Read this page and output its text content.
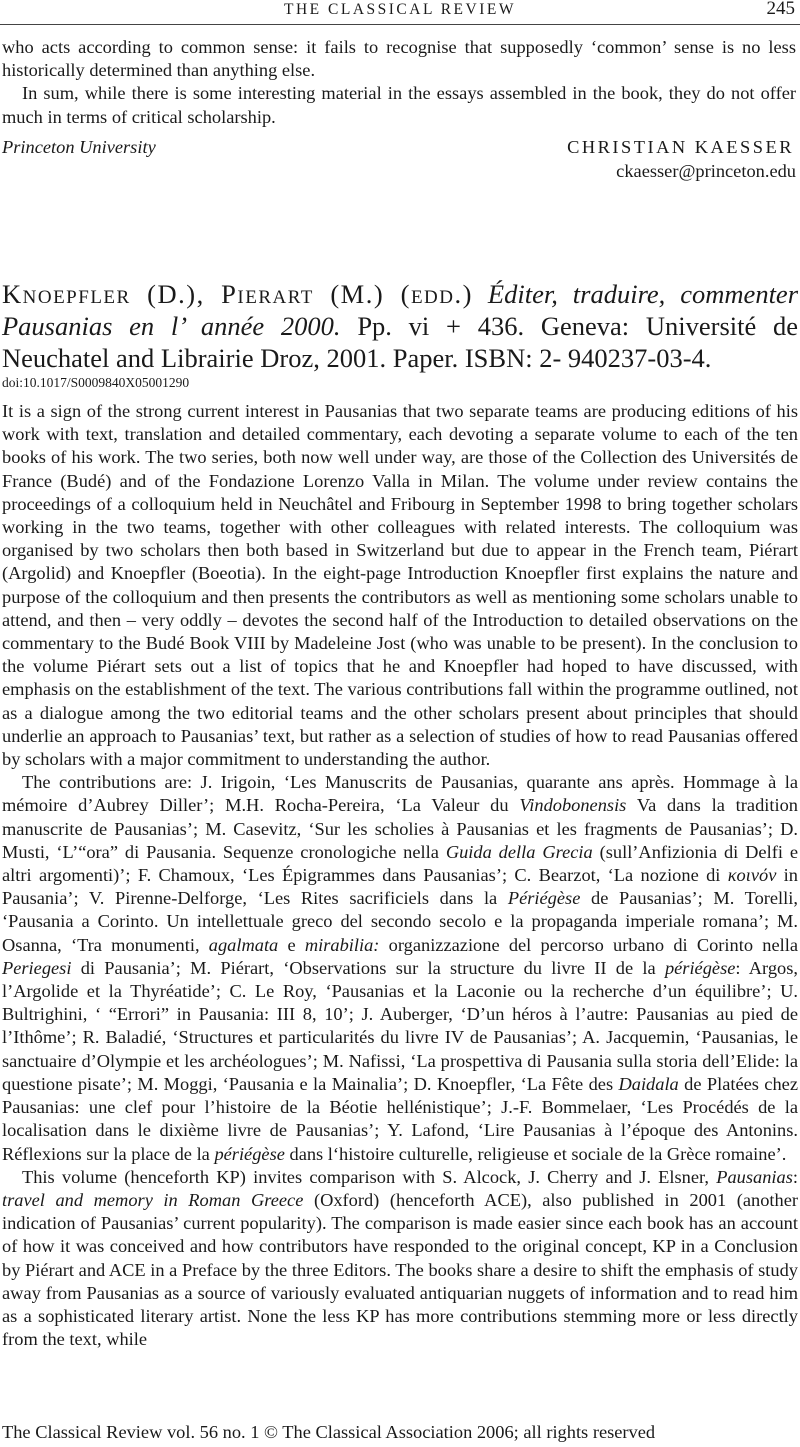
THE CLASSICAL REVIEW	245

who acts according to common sense: it fails to recognise that supposedly ‘common’ sense is no less historically determined than anything else.

In sum, while there is some interesting material in the essays assembled in the book, they do not offer much in terms of critical scholarship.

Princeton University	CHRISTIAN KAESSER
ckaesser@princeton.edu
Knoepfler (D.), Pierart (M.) (edd.) Éditer, traduire, commenter Pausanias en l’ année 2000. Pp. vi + 436. Geneva: Université de Neuchatel and Librairie Droz, 2001. Paper. ISBN: 2- 940237-03-4.
doi:10.1017/S0009840X05001290

It is a sign of the strong current interest in Pausanias that two separate teams are producing editions of his work with text, translation and detailed commentary, each devoting a separate volume to each of the ten books of his work. The two series, both now well under way, are those of the Collection des Universités de France (Budé) and of the Fondazione Lorenzo Valla in Milan. The volume under review contains the proceedings of a colloquium held in Neuchâtel and Fribourg in September 1998 to bring together scholars working in the two teams, together with other colleagues with related interests. The colloquium was organised by two scholars then both based in Switzerland but due to appear in the French team, Piérart (Argolid) and Knoepfler (Boeotia). In the eight-page Introduction Knoepfler first explains the nature and purpose of the colloquium and then presents the contributors as well as mentioning some scholars unable to attend, and then – very oddly – devotes the second half of the Introduction to detailed observations on the commentary to the Budé Book VIII by Madeleine Jost (who was unable to be present). In the conclusion to the volume Piérart sets out a list of topics that he and Knoepfler had hoped to have discussed, with emphasis on the establishment of the text. The various contributions fall within the programme outlined, not as a dialogue among the two editorial teams and the other scholars present about principles that should underlie an approach to Pausanias’ text, but rather as a selection of studies of how to read Pausanias offered by scholars with a major commitment to understanding the author.

The contributions are: J. Irigoin, ‘Les Manuscrits de Pausanias, quarante ans après. Hommage à la mémoire d’Aubrey Diller’; M.H. Rocha-Pereira, ‘La Valeur du Vindobonensis Va dans la tradition manuscrite de Pausanias’; M. Casevitz, ‘Sur les scholies à Pausanias et les fragments de Pausanias’; D. Musti, ‘L’“ora” di Pausania. Sequenze cronologiche nella Guida della Grecia (sull’Anfizionia di Delfi e altri argomenti)’; F. Chamoux, ‘Les Épigrammes dans Pausanias’; C. Bearzot, ‘La nozione di κοινόν in Pausania’; V. Pirenne-Delforge, ‘Les Rites sacrificiels dans la Périégèse de Pausanias’; M. Torelli, ‘Pausania a Corinto. Un intellettuale greco del secondo secolo e la propaganda imperiale romana’; M. Osanna, ‘Tra monumenti, agalmata e mirabilia: organizzazione del percorso urbano di Corinto nella Periegesi di Pausania’; M. Piérart, ‘Observations sur la structure du livre II de la périégèse: Argos, l’Argolide et la Thyréatide’; C. Le Roy, ‘Pausanias et la Laconie ou la recherche d’un équilibre’; U. Bultrighini, ‘ “Errori” in Pausania: III 8, 10’; J. Auberger, ‘D’un héros à l’autre: Pausanias au pied de l’Ithôme’; R. Baladié, ‘Structures et particularités du livre IV de Pausanias’; A. Jacquemin, ‘Pausanias, le sanctuaire d’Olympie et les archéologues’; M. Nafissi, ‘La prospettiva di Pausania sulla storia dell’Elide: la questione pisate’; M. Moggi, ‘Pausania e la Mainalia’; D. Knoepfler, ‘La Fête des Daidala de Platées chez Pausanias: une clef pour l’histoire de la Béotie hellénistique’; J.-F. Bommelaer, ‘Les Procédés de la localisation dans le dixième livre de Pausanias’; Y. Lafond, ‘Lire Pausanias à l’époque des Antonins. Réflexions sur la place de la périégèse dans l‘histoire culturelle, religieuse et sociale de la Grèce romaine’.

This volume (henceforth KP) invites comparison with S. Alcock, J. Cherry and J. Elsner, Pausanias: travel and memory in Roman Greece (Oxford) (henceforth ACE), also published in 2001 (another indication of Pausanias’ current popularity). The comparison is made easier since each book has an account of how it was conceived and how contributors have responded to the original concept, KP in a Conclusion by Piérart and ACE in a Preface by the three Editors. The books share a desire to shift the emphasis of study away from Pausanias as a source of variously evaluated antiquarian nuggets of information and to read him as a sophisticated literary artist. None the less KP has more contributions stemming more or less directly from the text, while

The Classical Review vol. 56 no. 1 © The Classical Association 2006; all rights reserved
